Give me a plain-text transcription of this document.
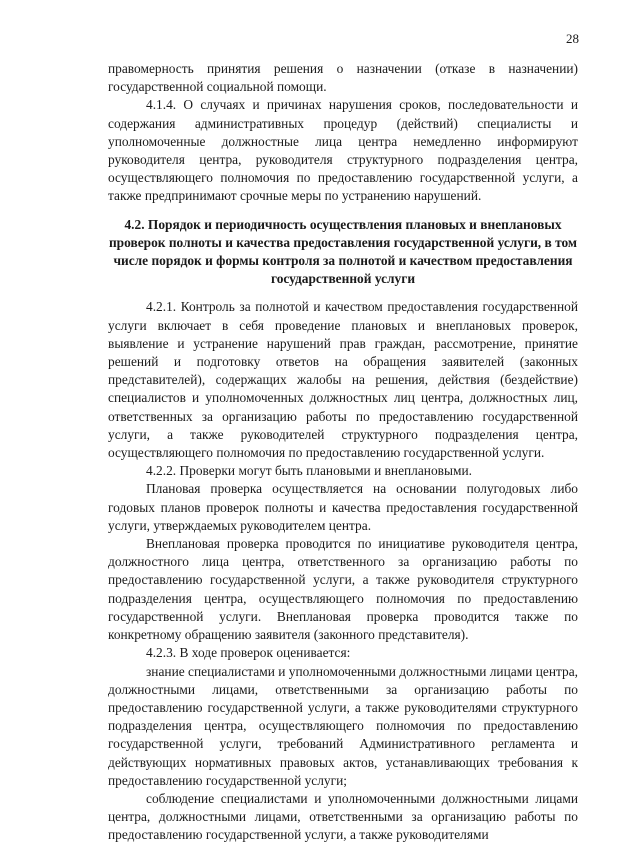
28

правомерность принятия решения о назначении (отказе в назначении) государственной социальной помощи.

4.1.4. О случаях и причинах нарушения сроков, последовательности и содержания административных процедур (действий) специалисты и уполномоченные должностные лица центра немедленно информируют руководителя центра, руководителя структурного подразделения центра, осуществляющего полномочия по предоставлению государственной услуги, а также предпринимают срочные меры по устранению нарушений.

4.2. Порядок и периодичность осуществления плановых и внеплановых проверок полноты и качества предоставления государственной услуги, в том числе порядок и формы контроля за полнотой и качеством предоставления государственной услуги

4.2.1. Контроль за полнотой и качеством предоставления государственной услуги включает в себя проведение плановых и внеплановых проверок, выявление и устранение нарушений прав граждан, рассмотрение, принятие решений и подготовку ответов на обращения заявителей (законных представителей), содержащих жалобы на решения, действия (бездействие) специалистов и уполномоченных должностных лиц центра, должностных лиц, ответственных за организацию работы по предоставлению государственной услуги, а также руководителей структурного подразделения центра, осуществляющего полномочия по предоставлению государственной услуги.

4.2.2. Проверки могут быть плановыми и внеплановыми.

Плановая проверка осуществляется на основании полугодовых либо годовых планов проверок полноты и качества предоставления государственной услуги, утверждаемых руководителем центра.

Внеплановая проверка проводится по инициативе руководителя центра, должностного лица центра, ответственного за организацию работы по предоставлению государственной услуги, а также руководителя структурного подразделения центра, осуществляющего полномочия по предоставлению государственной услуги. Внеплановая проверка проводится также по конкретному обращению заявителя (законного представителя).

4.2.3. В ходе проверок оценивается:

знание специалистами и уполномоченными должностными лицами центра, должностными лицами, ответственными за организацию работы по предоставлению государственной услуги, а также руководителями структурного подразделения центра, осуществляющего полномочия по предоставлению государственной услуги, требований Административного регламента и действующих нормативных правовых актов, устанавливающих требования к предоставлению государственной услуги;

соблюдение специалистами и уполномоченными должностными лицами центра, должностными лицами, ответственными за организацию работы по предоставлению государственной услуги, а также руководителями
